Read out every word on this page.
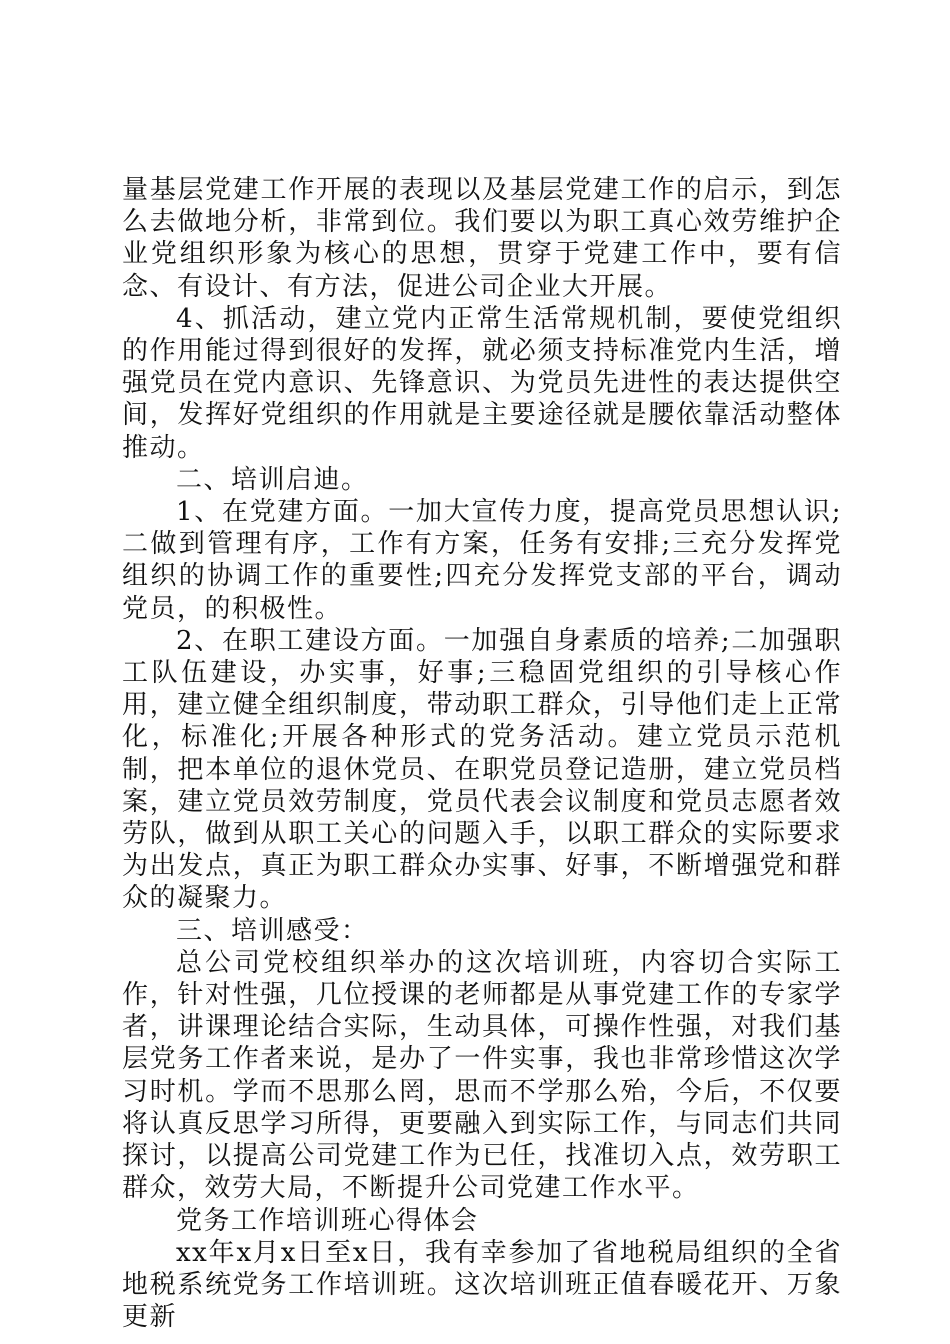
量基层党建工作开展的表现以及基层党建工作的启示，到怎么去做地分析，非常到位。我们要以为职工真心效劳维护企业党组织形象为核心的思想，贯穿于党建工作中，要有信念、有设计、有方法，促进公司企业大开展。

4、抓活动，建立党内正常生活常规机制，要使党组织的作用能过得到很好的发挥，就必须支持标准党内生活，增强党员在党内意识、先锋意识、为党员先进性的表达提供空间，发挥好党组织的作用就是主要途径就是腰依靠活动整体推动。

二、培训启迪。

1、在党建方面。一加大宣传力度，提高党员思想认识;二做到管理有序，工作有方案，任务有安排;三充分发挥党组织的协调工作的重要性;四充分发挥党支部的平台，调动党员，的积极性。

2、在职工建设方面。一加强自身素质的培养;二加强职工队伍建设，办实事，好事;三稳固党组织的引导核心作用，建立健全组织制度，带动职工群众，引导他们走上正常化，标准化;开展各种形式的党务活动。建立党员示范机制，把本单位的退休党员、在职党员登记造册，建立党员档案，建立党员效劳制度，党员代表会议制度和党员志愿者效劳队，做到从职工关心的问题入手，以职工群众的实际要求为出发点，真正为职工群众办实事、好事，不断增强党和群众的凝聚力。

三、培训感受：

总公司党校组织举办的这次培训班，内容切合实际工作，针对性强，几位授课的老师都是从事党建工作的专家学者，讲课理论结合实际，生动具体，可操作性强，对我们基层党务工作者来说，是办了一件实事，我也非常珍惜这次学习时机。学而不思那么罔，思而不学那么殆，今后，不仅要将认真反思学习所得，更要融入到实际工作，与同志们共同探讨，以提高公司党建工作为已任，找准切入点，效劳职工群众，效劳大局，不断提升公司党建工作水平。

党务工作培训班心得体会

xx年x月x日至x日，我有幸参加了省地税局组织的全省地税系统党务工作培训班。这次培训班正值春暖花开、万象更新
